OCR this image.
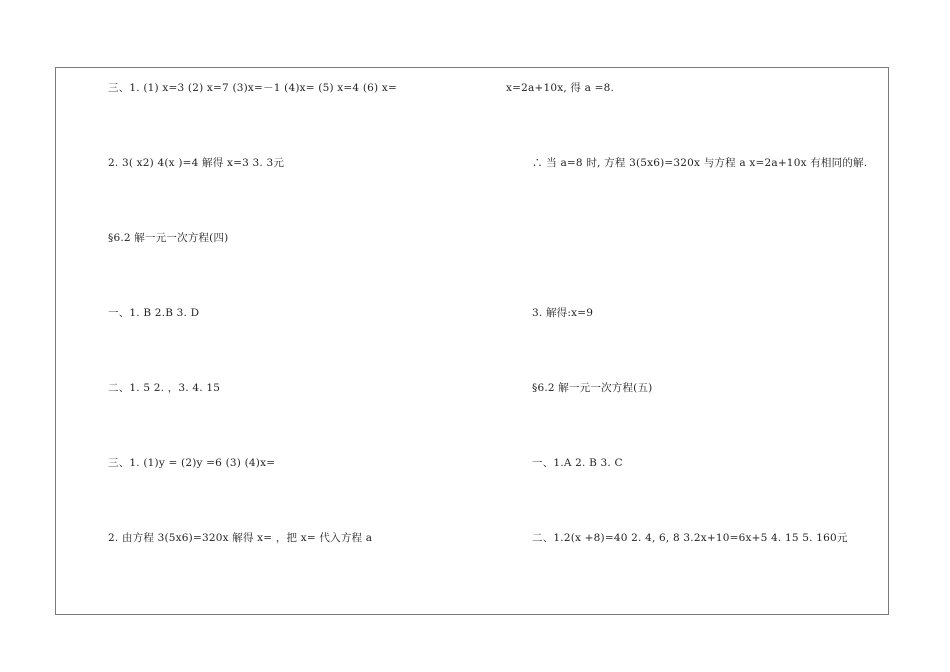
三、1. (1) x=3 (2) x=7 (3)x=－1 (4)x= (5) x=4 (6) x=
2. 3( x2) 4(x )=4 解得 x=3 3. 3元
§6.2 解一元一次方程(四)
一、1. B 2.B 3. D
二、1. 5 2. ，3. 4. 15
三、1. (1)y = (2)y =6 (3) (4)x=
2. 由方程 3(5x6)=320x 解得 x= ，把 x= 代入方程 a
x=2a+10x, 得 a =8.
∴ 当 a=8 时, 方程 3(5x6)=320x 与方程 a x=2a+10x 有相同的解.
3. 解得:x=9
§6.2 解一元一次方程(五)
一、1.A 2. B 3. C
二、1.2(x +8)=40 2. 4, 6, 8 3.2x+10=6x+5 4. 15 5. 160元
